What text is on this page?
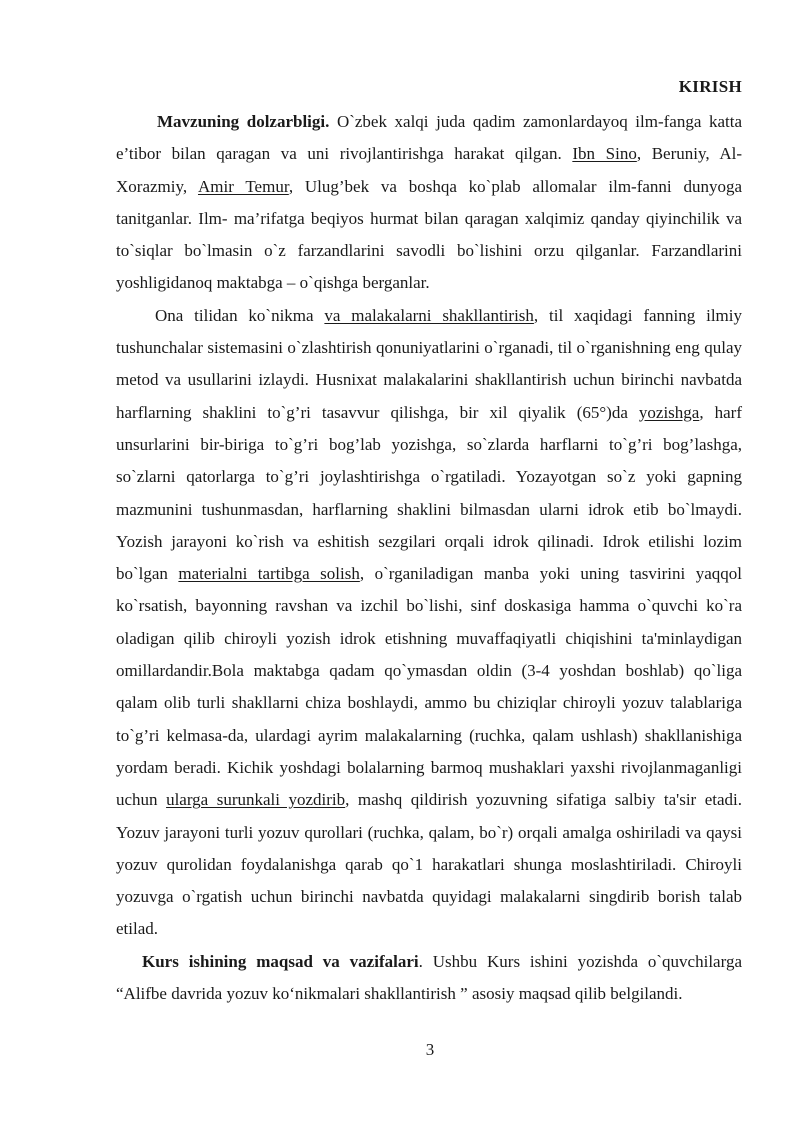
KIRISH

Mavzuning dolzarbligi. O`zbek xalqi juda qadim zamonlardayoq ilm-fanga katta e’tibor bilan qaragan va uni rivojlantirishga harakat qilgan. Ibn Sino, Beruniy, Al-Xorazmiy, Amir Temur, Ulug’bek va boshqa ko`plab allomalar ilm-fanni dunyoga tanitganlar. Ilm- ma’rifatga beqiyos hurmat bilan qaragan xalqimiz qanday qiyinchilik va to`siqlar bo`lmasin o`z farzandlarini savodli bo`lishini orzu qilganlar. Farzandlarini yoshligidanoq maktabga – o`qishga berganlar.

Ona tilidan ko`nikma va malakalarni shakllantirish, til xaqidagi fanning ilmiy tushunchalar sistemasini o`zlashtirish qonuniyatlarini o`rganadi, til o`rganishning eng qulay metod va usullarini izlaydi. Husnixat malakalarini shakllantirish uchun birinchi navbatda harflarning shaklini to`g’ri tasavvur qilishga, bir xil qiyalik (65°)da yozishga, harf unsurlarini bir-biriga to`g’ri bog’lab yozishga, so`zlarda harflarni to`g’ri bog’lashga, so`zlarni qatorlarga to`g’ri joylashtirishga o`rgatiladi. Yozayotgan so`z yoki gapning mazmunini tushunmasdan, harflarning shaklini bilmasdan ularni idrok etib bo`lmaydi. Yozish jarayoni ko`rish va eshitish sezgilari orqali idrok qilinadi. Idrok etilishi lozim bo`lgan materialni tartibga solish, o`rganiladigan manba yoki uning tasvirini yaqqol ko`rsatish, bayonning ravshan va izchil bo`lishi, sinf doskasiga hamma o`quvchi ko`ra oladigan qilib chiroyli yozish idrok etishning muvaffaqiyatli chiqishini ta'minlaydigan omillardandir.Bola maktabga qadam qo`ymasdan oldin (3-4 yoshdan boshlab) qo`liga qalam olib turli shakllarni chiza boshlaydi, ammo bu chiziqlar chiroyli yozuv talablariga to`g’ri kelmasa-da, ulardagi ayrim malakalarning (ruchka, qalam ushlash) shakllanishiga yordam beradi. Kichik yoshdagi bolalarning barmoq mushaklari yaxshi rivojlanmaganligi uchun ularga surunkali yozdirib, mashq qildirish yozuvning sifatiga salbiy ta'sir etadi. Yozuv jarayoni turli yozuv qurollari (ruchka, qalam, bo`r) orqali amalga oshiriladi va qaysi yozuv qurolidan foydalanishga qarab qo`1 harakatlari shunga moslashtiriladi. Chiroyli yozuvga o`rgatish uchun birinchi navbatda quyidagi malakalarni singdirib borish talab etilad.

Kurs ishining maqsad va vazifalari. Ushbu Kurs ishini yozishda o`quvchilarga “Alifbe davrida yozuv ko‘nikmalari shakllantirish ” asosiy maqsad qilib belgilandi.

3
